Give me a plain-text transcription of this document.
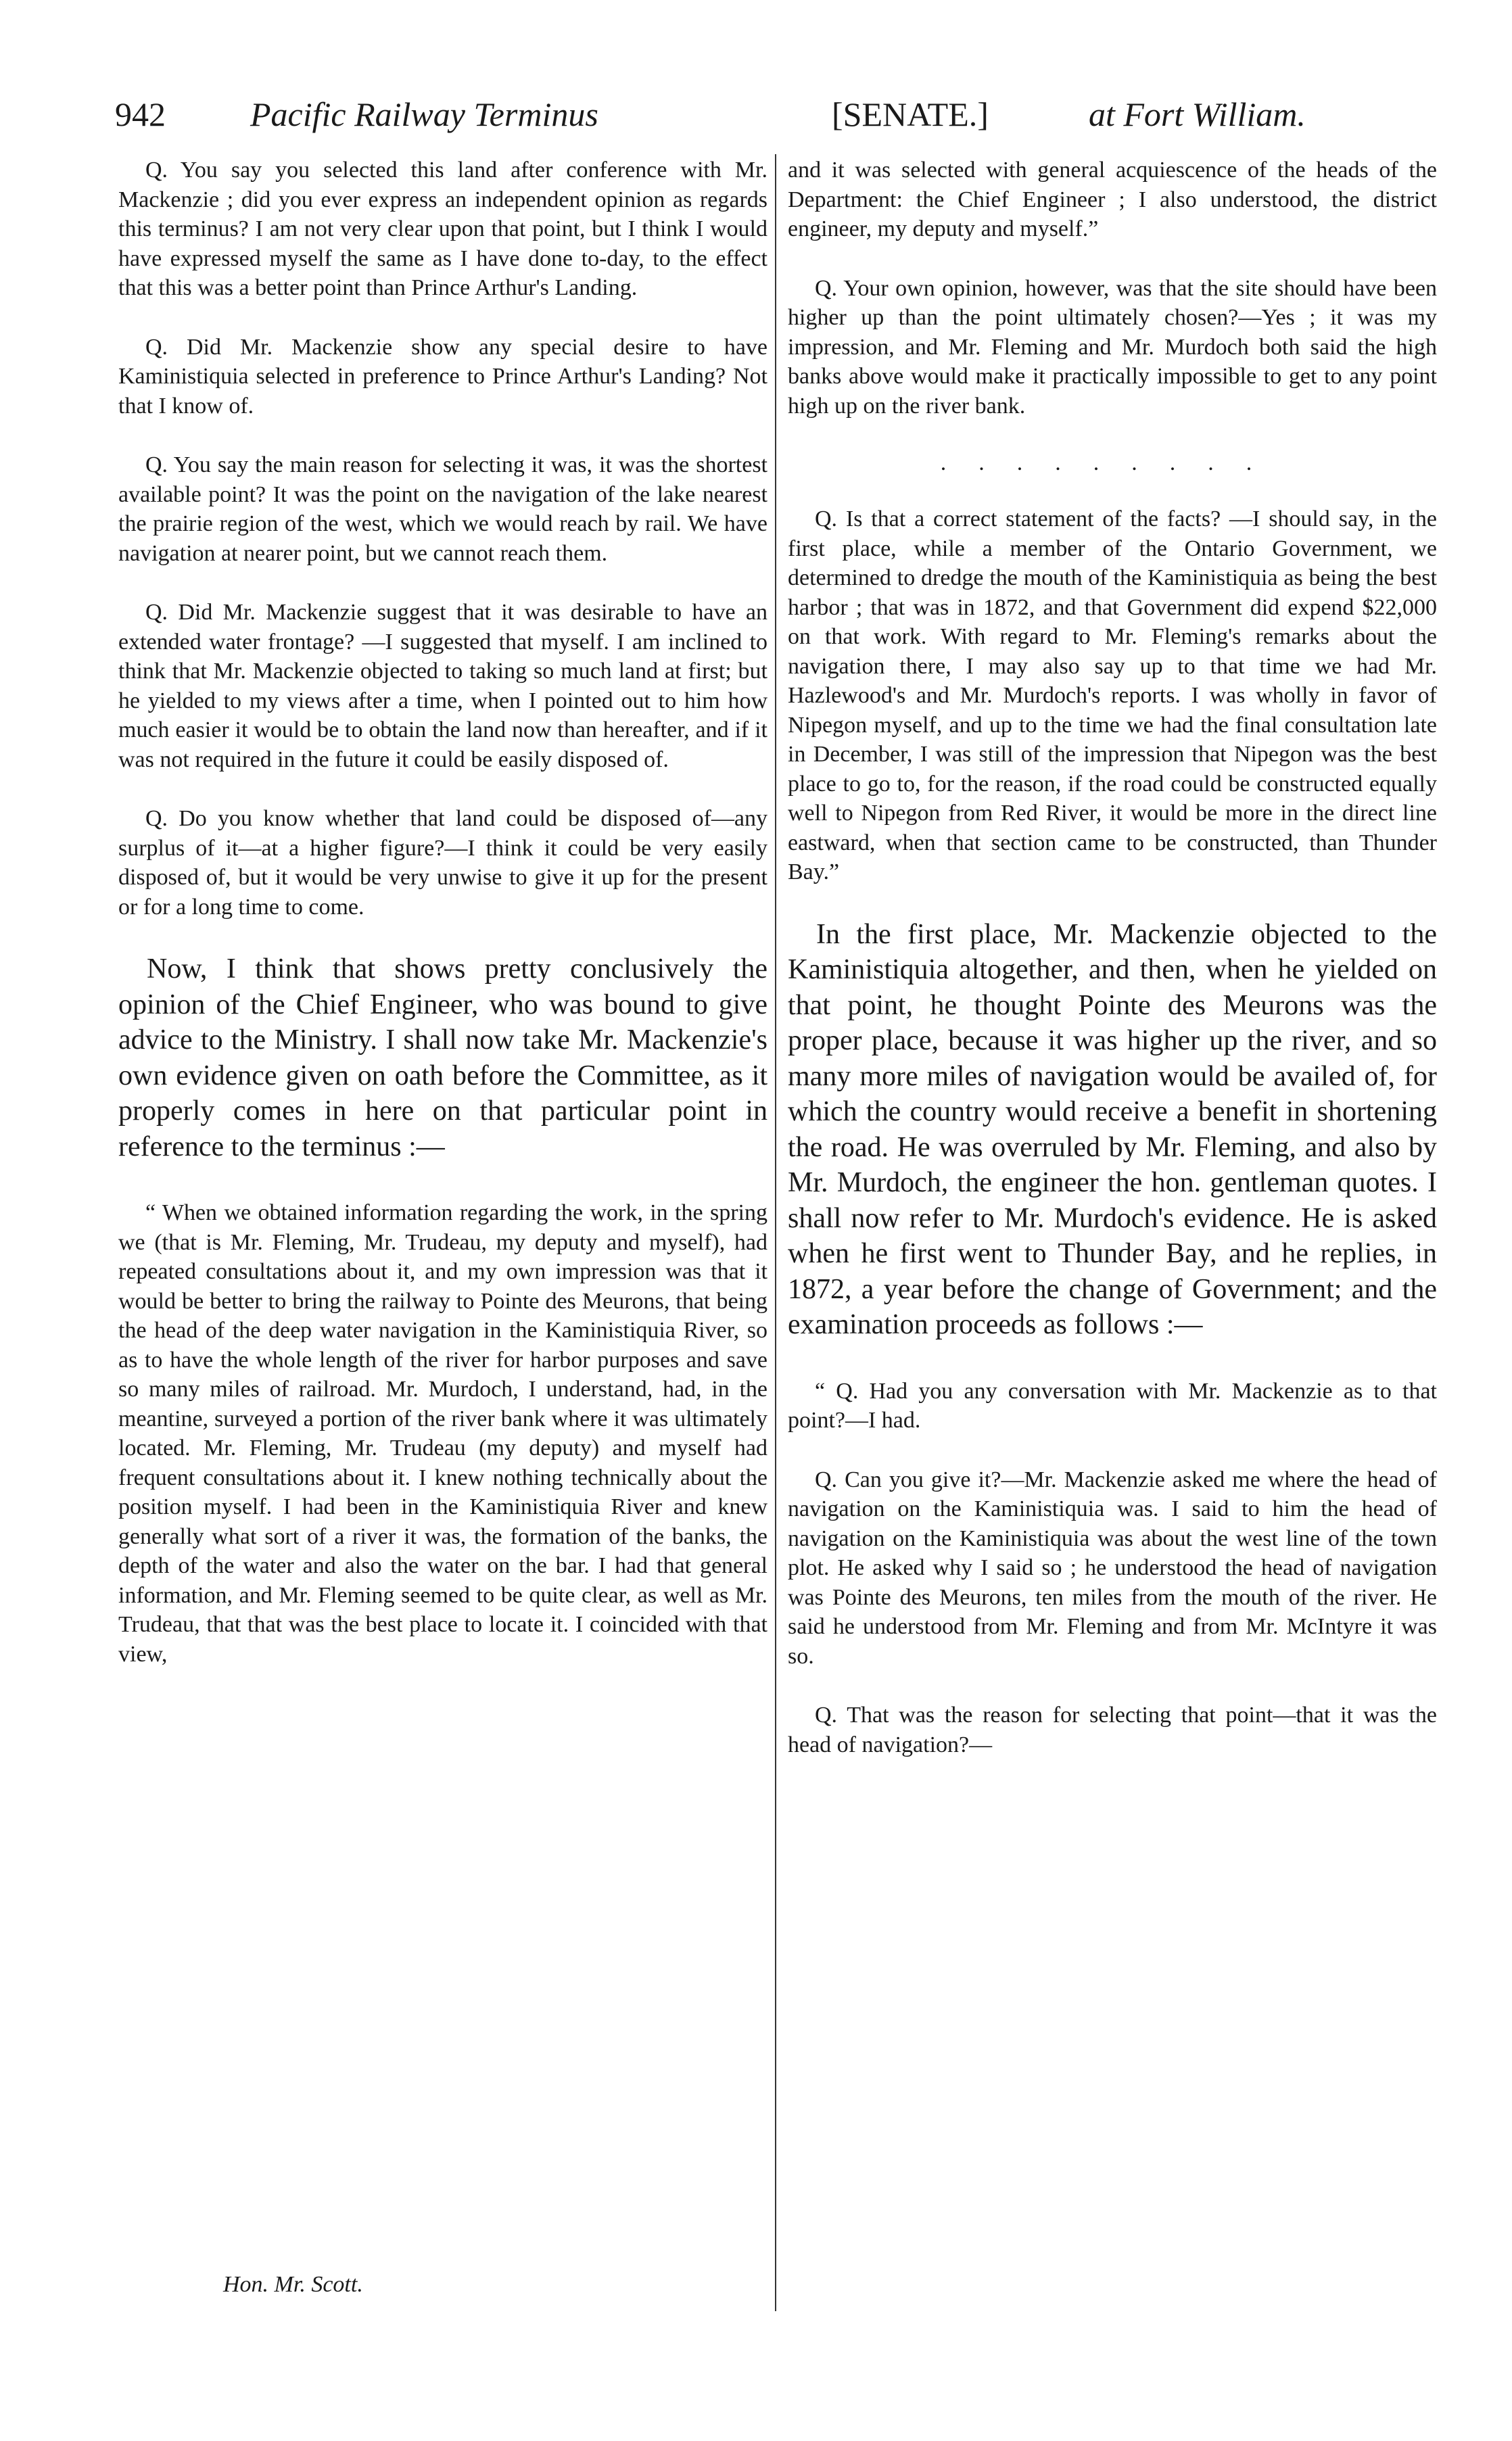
942	Pacific Railway Terminus	[SENATE.]	at Fort William.
Q. You say you selected this land after conference with Mr. Mackenzie ; did you ever express an independent opinion as regards this terminus? I am not very clear upon that point, but I think I would have expressed myself the same as I have done to-day, to the effect that this was a better point than Prince Arthur's Landing.
Q. Did Mr. Mackenzie show any special desire to have Kaministiquia selected in preference to Prince Arthur's Landing? Not that I know of.
Q. You say the main reason for selecting it was, it was the shortest available point? It was the point on the navigation of the lake nearest the prairie region of the west, which we would reach by rail. We have navigation at nearer point, but we cannot reach them.
Q. Did Mr. Mackenzie suggest that it was desirable to have an extended water frontage? —I suggested that myself. I am inclined to think that Mr. Mackenzie objected to taking so much land at first; but he yielded to my views after a time, when I pointed out to him how much easier it would be to obtain the land now than hereafter, and if it was not required in the future it could be easily disposed of.
Q. Do you know whether that land could be disposed of—any surplus of it—at a higher figure?—I think it could be very easily disposed of, but it would be very unwise to give it up for the present or for a long time to come.
Now, I think that shows pretty conclusively the opinion of the Chief Engineer, who was bound to give advice to the Ministry. I shall now take Mr. Mackenzie's own evidence given on oath before the Committee, as it properly comes in here on that particular point in reference to the terminus :—
“ When we obtained information regarding the work, in the spring we (that is Mr. Fleming, Mr. Trudeau, my deputy and myself), had repeated consultations about it, and my own impression was that it would be better to bring the railway to Pointe des Meurons, that being the head of the deep water navigation in the Kaministiquia River, so as to have the whole length of the river for harbor purposes and save so many miles of railroad. Mr. Murdoch, I understand, had, in the meantine, surveyed a portion of the river bank where it was ultimately located. Mr. Fleming, Mr. Trudeau (my deputy) and myself had frequent consultations about it. I knew nothing technically about the position myself. I had been in the Kaministiquia River and knew generally what sort of a river it was, the formation of the banks, the depth of the water and also the water on the bar. I had that general information, and Mr. Fleming seemed to be quite clear, as well as Mr. Trudeau, that that was the best place to locate it. I coincided with that view,
and it was selected with general acquiescence of the heads of the Department: the Chief Engineer ; I also understood, the district engineer, my deputy and myself.”
Q. Your own opinion, however, was that the site should have been higher up than the point ultimately chosen?—Yes ; it was my impression, and Mr. Fleming and Mr. Murdoch both said the high banks above would make it practically impossible to get to any point high up on the river bank.
.........
Q. Is that a correct statement of the facts? —I should say, in the first place, while a member of the Ontario Government, we determined to dredge the mouth of the Kaministiquia as being the best harbor ; that was in 1872, and that Government did expend $22,000 on that work. With regard to Mr. Fleming's remarks about the navigation there, I may also say up to that time we had Mr. Hazlewood's and Mr. Murdoch's reports. I was wholly in favor of Nipegon myself, and up to the time we had the final consultation late in December, I was still of the impression that Nipegon was the best place to go to, for the reason, if the road could be constructed equally well to Nipegon from Red River, it would be more in the direct line eastward, when that section came to be constructed, than Thunder Bay.”
In the first place, Mr. Mackenzie objected to the Kaministiquia altogether, and then, when he yielded on that point, he thought Pointe des Meurons was the proper place, because it was higher up the river, and so many more miles of navigation would be availed of, for which the country would receive a benefit in shortening the road. He was overruled by Mr. Fleming, and also by Mr. Murdoch, the engineer the hon. gentleman quotes. I shall now refer to Mr. Murdoch's evidence. He is asked when he first went to Thunder Bay, and he replies, in 1872, a year before the change of Government; and the examination proceeds as follows :—
“ Q. Had you any conversation with Mr. Mackenzie as to that point?—I had.
Q. Can you give it?—Mr. Mackenzie asked me where the head of navigation on the Kaministiquia was. I said to him the head of navigation on the Kaministiquia was about the west line of the town plot. He asked why I said so ; he understood the head of navigation was Pointe des Meurons, ten miles from the mouth of the river. He said he understood from Mr. Fleming and from Mr. McIntyre it was so.
Q. That was the reason for selecting that point—that it was the head of navigation?—
Hon. Mr. Scott.
